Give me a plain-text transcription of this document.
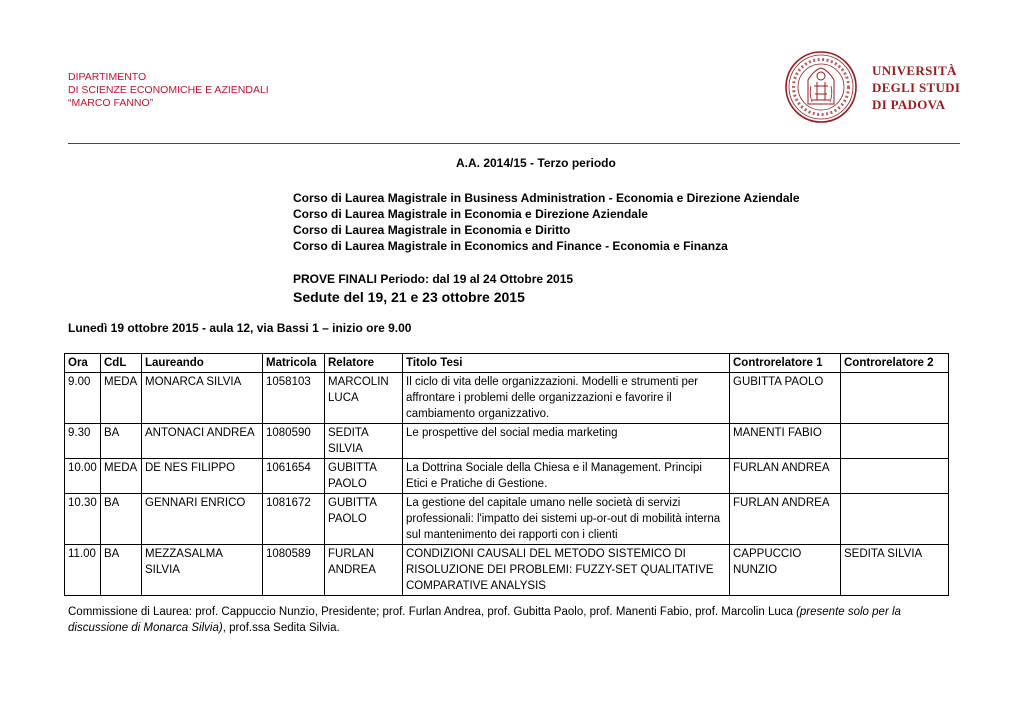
DIPARTIMENTO
DI SCIENZE ECONOMICHE E AZIENDALI
“MARCO FANNO”
UNIVERSITÀ
DEGLI STUDI
DI PADOVA
A.A. 2014/15 - Terzo periodo
Corso di Laurea Magistrale in Business Administration - Economia e Direzione Aziendale
Corso di Laurea Magistrale in Economia e Direzione Aziendale
Corso di Laurea Magistrale in Economia e Diritto
Corso di Laurea Magistrale in Economics and Finance - Economia e Finanza
PROVE FINALI Periodo: dal 19 al 24 Ottobre 2015
Sedute del 19, 21 e 23 ottobre 2015
Lunedì 19 ottobre 2015 - aula 12, via Bassi 1 – inizio ore 9.00
Ora	CdL	Laureando	Matricola	Relatore	Titolo Tesi	Controrelatore 1	Controrelatore 2
9.00	MEDA	MONARCA SILVIA	1058103	MARCOLIN LUCA	Il ciclo di vita delle organizzazioni. Modelli e strumenti per affrontare i problemi delle organizzazioni e favorire il cambiamento organizzativo.	GUBITTA PAOLO	
9.30	BA	ANTONACI ANDREA	1080590	SEDITA SILVIA	Le prospettive del social media marketing	MANENTI FABIO	
10.00	MEDA	DE NES FILIPPO	1061654	GUBITTA PAOLO	La Dottrina Sociale della Chiesa e il Management. Principi Etici e Pratiche di Gestione.	FURLAN ANDREA	
10.30	BA	GENNARI ENRICO	1081672	GUBITTA PAOLO	La gestione del capitale umano nelle società di servizi professionali: l'impatto dei sistemi up-or-out di mobilità interna sul mantenimento dei rapporti con i clienti	FURLAN ANDREA	
11.00	BA	MEZZASALMA SILVIA	1080589	FURLAN ANDREA	CONDIZIONI CAUSALI DEL METODO SISTEMICO DI RISOLUZIONE DEI PROBLEMI: FUZZY-SET QUALITATIVE COMPARATIVE ANALYSIS	CAPPUCCIO NUNZIO	SEDITA SILVIA
Commissione di Laurea: prof. Cappuccio Nunzio, Presidente; prof. Furlan Andrea, prof. Gubitta Paolo, prof. Manenti Fabio, prof. Marcolin Luca (presente solo per la discussione di Monarca Silvia), prof.ssa Sedita Silvia.
